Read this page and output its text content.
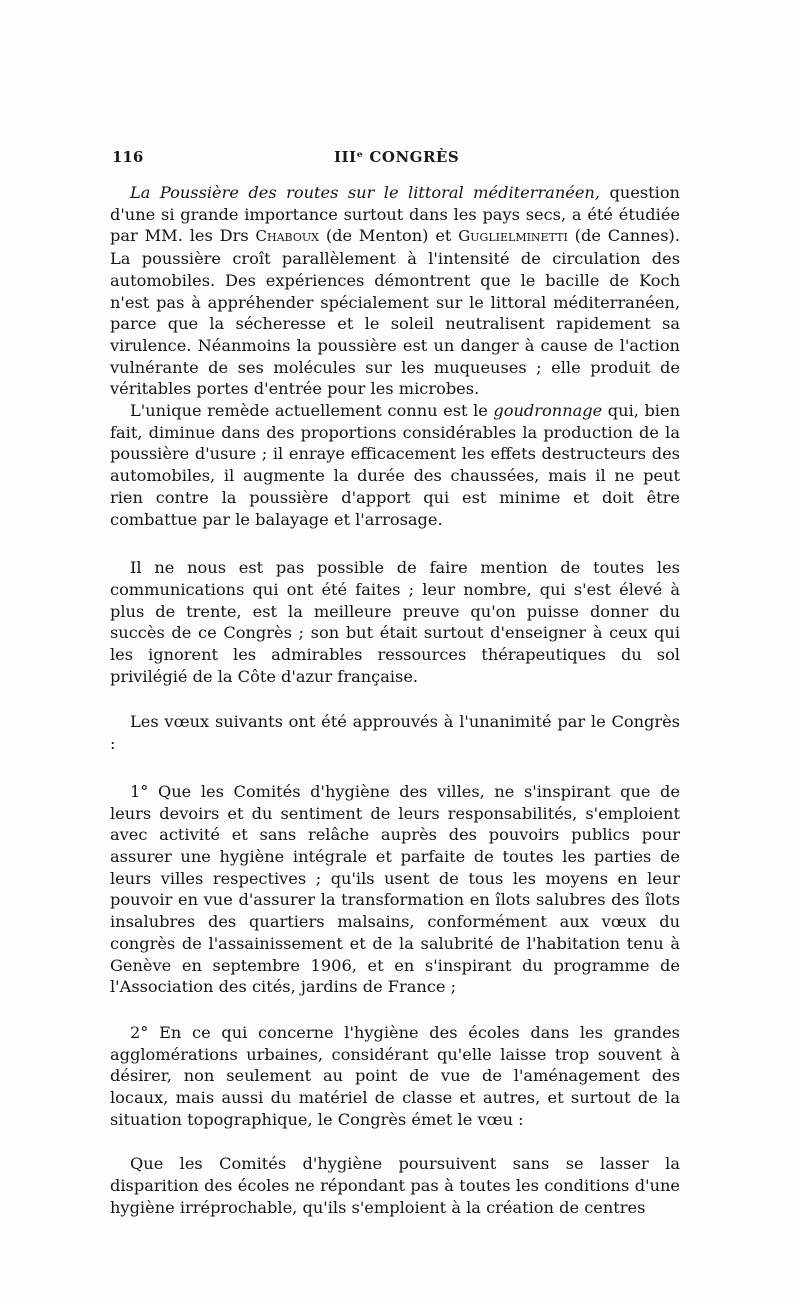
116	IIIᵉ CONGRÈS

La Poussière des routes sur le littoral méditerranéen, question d'une si grande importance surtout dans les pays secs, a été étudiée par MM. les Drs Chaboux (de Menton) et Guglielminetti (de Cannes). La poussière croît parallèlement à l'intensité de circulation des automobiles. Des expériences démontrent que le bacille de Koch n'est pas à appréhender spécialement sur le littoral méditerranéen, parce que la sécheresse et le soleil neutralisent rapidement sa virulence. Néanmoins la poussière est un danger à cause de l'action vulnérante de ses molécules sur les muqueuses ; elle produit de véritables portes d'entrée pour les microbes.

L'unique remède actuellement connu est le goudronnage qui, bien fait, diminue dans des proportions considérables la production de la poussière d'usure ; il enraye efficacement les effets destructeurs des automobiles, il augmente la durée des chaussées, mais il ne peut rien contre la poussière d'apport qui est minime et doit être combattue par le balayage et l'arrosage.

Il ne nous est pas possible de faire mention de toutes les communications qui ont été faites ; leur nombre, qui s'est élevé à plus de trente, est la meilleure preuve qu'on puisse donner du succès de ce Congrès ; son but était surtout d'enseigner à ceux qui les ignorent les admirables ressources thérapeutiques du sol privilégié de la Côte d'azur française.

Les vœux suivants ont été approuvés à l'unanimité par le Congrès :

1° Que les Comités d'hygiène des villes, ne s'inspirant que de leurs devoirs et du sentiment de leurs responsabilités, s'emploient avec activité et sans relâche auprès des pouvoirs publics pour assurer une hygiène intégrale et parfaite de toutes les parties de leurs villes respectives ; qu'ils usent de tous les moyens en leur pouvoir en vue d'assurer la transformation en îlots salubres des îlots insalubres des quartiers malsains, conformément aux vœux du congrès de l'assainissement et de la salubrité de l'habitation tenu à Genève en septembre 1906, et en s'inspirant du programme de l'Association des cités, jardins de France ;

2° En ce qui concerne l'hygiène des écoles dans les grandes agglomérations urbaines, considérant qu'elle laisse trop souvent à désirer, non seulement au point de vue de l'aménagement des locaux, mais aussi du matériel de classe et autres, et surtout de la situation topographique, le Congrès émet le vœu :

Que les Comités d'hygiène poursuivent sans se lasser la disparition des écoles ne répondant pas à toutes les conditions d'une hygiène irréprochable, qu'ils s'emploient à la création de centres
